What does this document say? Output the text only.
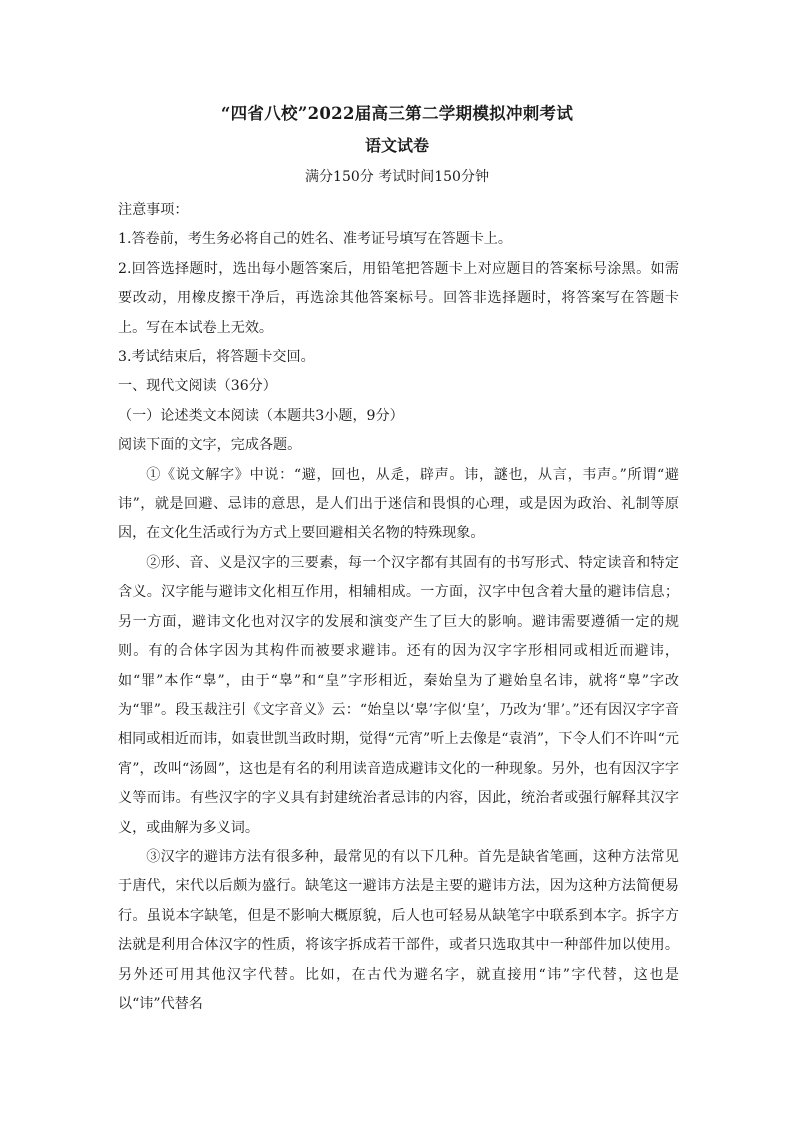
“四省八校”2022届高三第二学期模拟冲刺考试
语文试卷
满分150分 考试时间150分钟

注意事项：

1.答卷前，考生务必将自己的姓名、准考证号填写在答题卡上。

2.回答选择题时，选出每小题答案后，用铅笔把答题卡上对应题目的答案标号涂黑。如需要改动，用橡皮擦干净后，再选涂其他答案标号。回答非选择题时，将答案写在答题卡上。写在本试卷上无效。

3.考试结束后，将答题卡交回。

一、现代文阅读（36分）

（一）论述类文本阅读（本题共3小题，9分）

阅读下面的文字，完成各题。

①《说文解字》中说：“避，回也，从辵，辟声。讳，謎也，从言，韦声。”所谓“避讳”，就是回避、忌讳的意思，是人们出于迷信和畏惧的心理，或是因为政治、礼制等原因，在文化生活或行为方式上要回避相关名物的特殊现象。

②形、音、义是汉字的三要素，每一个汉字都有其固有的书写形式、特定读音和特定含义。汉字能与避讳文化相互作用，相辅相成。一方面，汉字中包含着大量的避讳信息；另一方面，避讳文化也对汉字的发展和演变产生了巨大的影响。避讳需要遵循一定的规则。有的合体字因为其构件而被要求避讳。还有的因为汉字字形相同或相近而避讳，如“罪”本作“辠”，由于“辠”和“皇”字形相近，秦始皇为了避始皇名讳，就将“辠”字改为“罪”。段玉裁注引《文字音义》云：“始皇以‘辠’字似‘皇’，乃改为‘罪’。”还有因汉字字音相同或相近而讳，如袁世凯当政时期，觉得“元宵”听上去像是“袁消”，下令人们不许叫“元宵”，改叫“汤圆”，这也是有名的利用读音造成避讳文化的一种现象。另外，也有因汉字字义等而讳。有些汉字的字义具有封建统治者忌讳的内容，因此，统治者或强行解释其汉字义，或曲解为多义词。

③汉字的避讳方法有很多种，最常见的有以下几种。首先是缺省笔画，这种方法常见于唐代，宋代以后颇为盛行。缺笔这一避讳方法是主要的避讳方法，因为这种方法简便易行。虽说本字缺笔，但是不影响大概原貌，后人也可轻易从缺笔字中联系到本字。拆字方法就是利用合体汉字的性质，将该字拆成若干部件，或者只选取其中一种部件加以使用。另外还可用其他汉字代替。比如，在古代为避名字，就直接用“讳”字代替，这也是以“讳”代替名
